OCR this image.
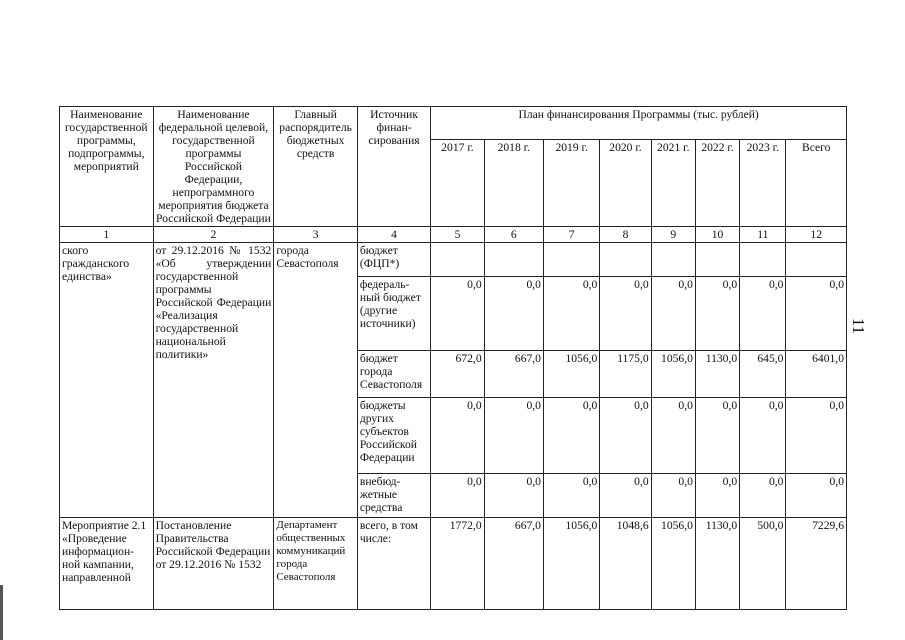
11
Наименование государственной программы, подпрограммы, мероприятий	Наименование федеральной целевой, государственной программы Российской Федерации, непрограммного мероприятия бюджета Российской Федерации	Главный распорядитель бюджетных средств	Источник финан-сирования	План финансирования Программы (тыс. рублей)							
				2017 г.	2018 г.	2019 г.	2020 г.	2021 г.	2022 г.	2023 г.	Всего
1	2	3	4	5	6	7	8	9	10	11	12
ского гражданского единства»	от 29.12.2016 № 1532 «Об утверждении государственной программы Российской Федерации «Реализация государственной национальной политики»	города Севастополя	бюджет (ФЦП*)								
			федераль-ный бюджет (другие источники)	0,0	0,0	0,0	0,0	0,0	0,0	0,0	0,0
			бюджет города Севастополя	672,0	667,0	1056,0	1175,0	1056,0	1130,0	645,0	6401,0
			бюджеты других субъектов Российской Федерации	0,0	0,0	0,0	0,0	0,0	0,0	0,0	0,0
			внебюд-жетные средства	0,0	0,0	0,0	0,0	0,0	0,0	0,0	0,0
Мероприятие 2.1 «Проведение информацион-ной кампании, направленной	Постановление Правительства Российской Федерации от 29.12.2016 № 1532	Департамент общественных коммуникаций города Севастополя	всего, в том числе:	1772,0	667,0	1056,0	1048,6	1056,0	1130,0	500,0	7229,6
